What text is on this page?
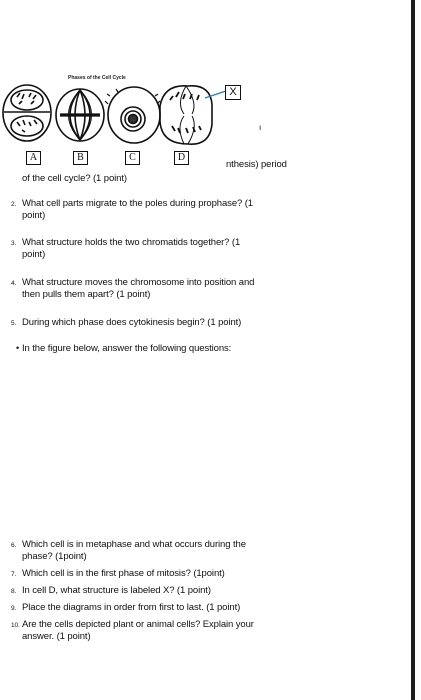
Phases of the Cell Cycle
X
ı
A	B	C	D
nthesis) period
of the cell cycle? (1 point)
2. What cell parts migrate to the poles during prophase? (1
point)
3. What structure holds the two chromatids together? (1
point)
4. What structure moves the chromosome into position and
then pulls them apart? (1 point)
5. During which phase does cytokinesis begin? (1 point)
• In the figure below, answer the following questions:
6. Which cell is in metaphase and what occurs during the
phase? (1point)
7. Which cell is in the first phase of mitosis? (1point)
8. In cell D, what structure is labeled X? (1 point)
9. Place the diagrams in order from first to last. (1 point)
10. Are the cells depicted plant or animal cells? Explain your
answer. (1 point)
